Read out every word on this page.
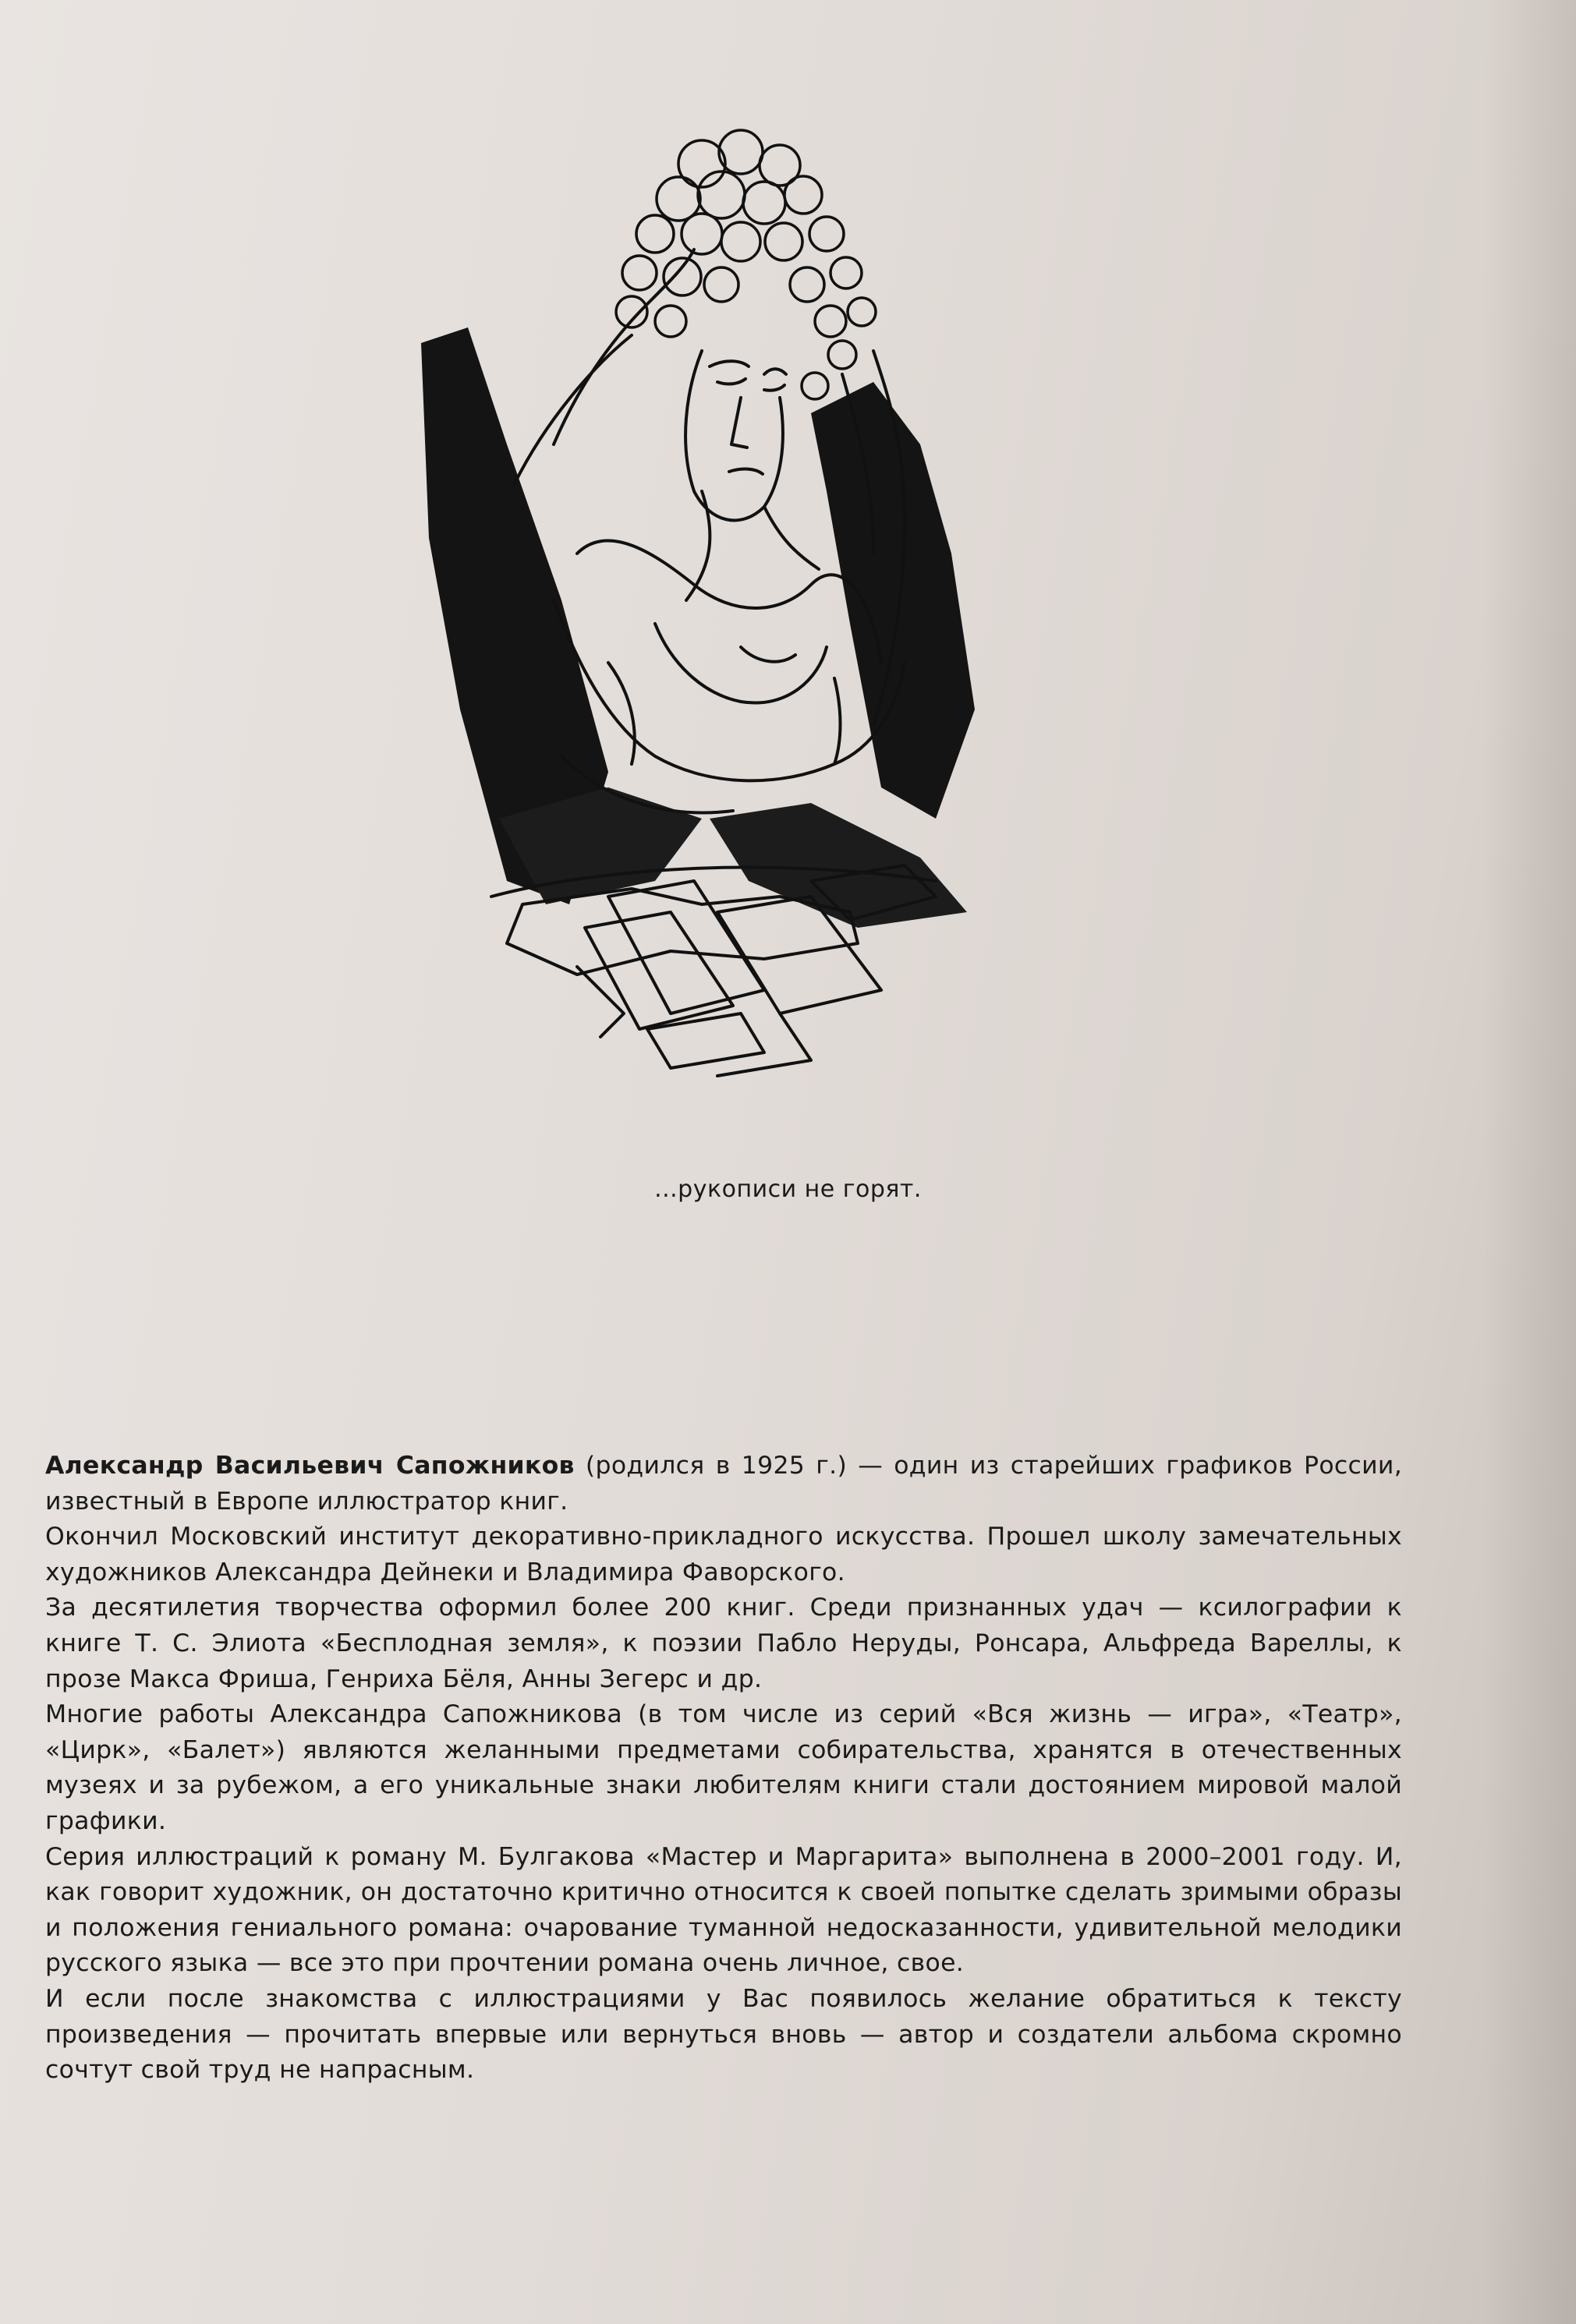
...рукописи не горят.

Александр Васильевич Сапожников (родился в 1925 г.) — один из старейших графиков России, известный в Европе иллюстратор книг.

Окончил Московский институт декоративно-прикладного искусства. Прошел школу замечательных художников Александра Дейнеки и Владимира Фаворского.

За десятилетия творчества оформил более 200 книг. Среди признанных удач — ксилографии к книге Т. С. Элиота «Бесплодная земля», к поэзии Пабло Неруды, Ронсара, Альфреда Вареллы, к прозе Макса Фриша, Генриха Бёля, Анны Зегерс и др.

Многие работы Александра Сапожникова (в том числе из серий «Вся жизнь — игра», «Театр», «Цирк», «Балет») являются желанными предметами собирательства, хранятся в отечественных музеях и за рубежом, а его уникальные знаки любителям книги стали достоянием мировой малой графики.

Серия иллюстраций к роману М. Булгакова «Мастер и Маргарита» выполнена в 2000–2001 году. И, как говорит художник, он достаточно критично относится к своей попытке сделать зримыми образы и положения гениального романа: очарование туманной недосказанности, удивительной мелодики русского языка — все это при прочтении романа очень личное, свое.

И если после знакомства с иллюстрациями у Вас появилось желание обратиться к тексту произведения — прочитать впервые или вернуться вновь — автор и создатели альбома скромно сочтут свой труд не напрасным.
